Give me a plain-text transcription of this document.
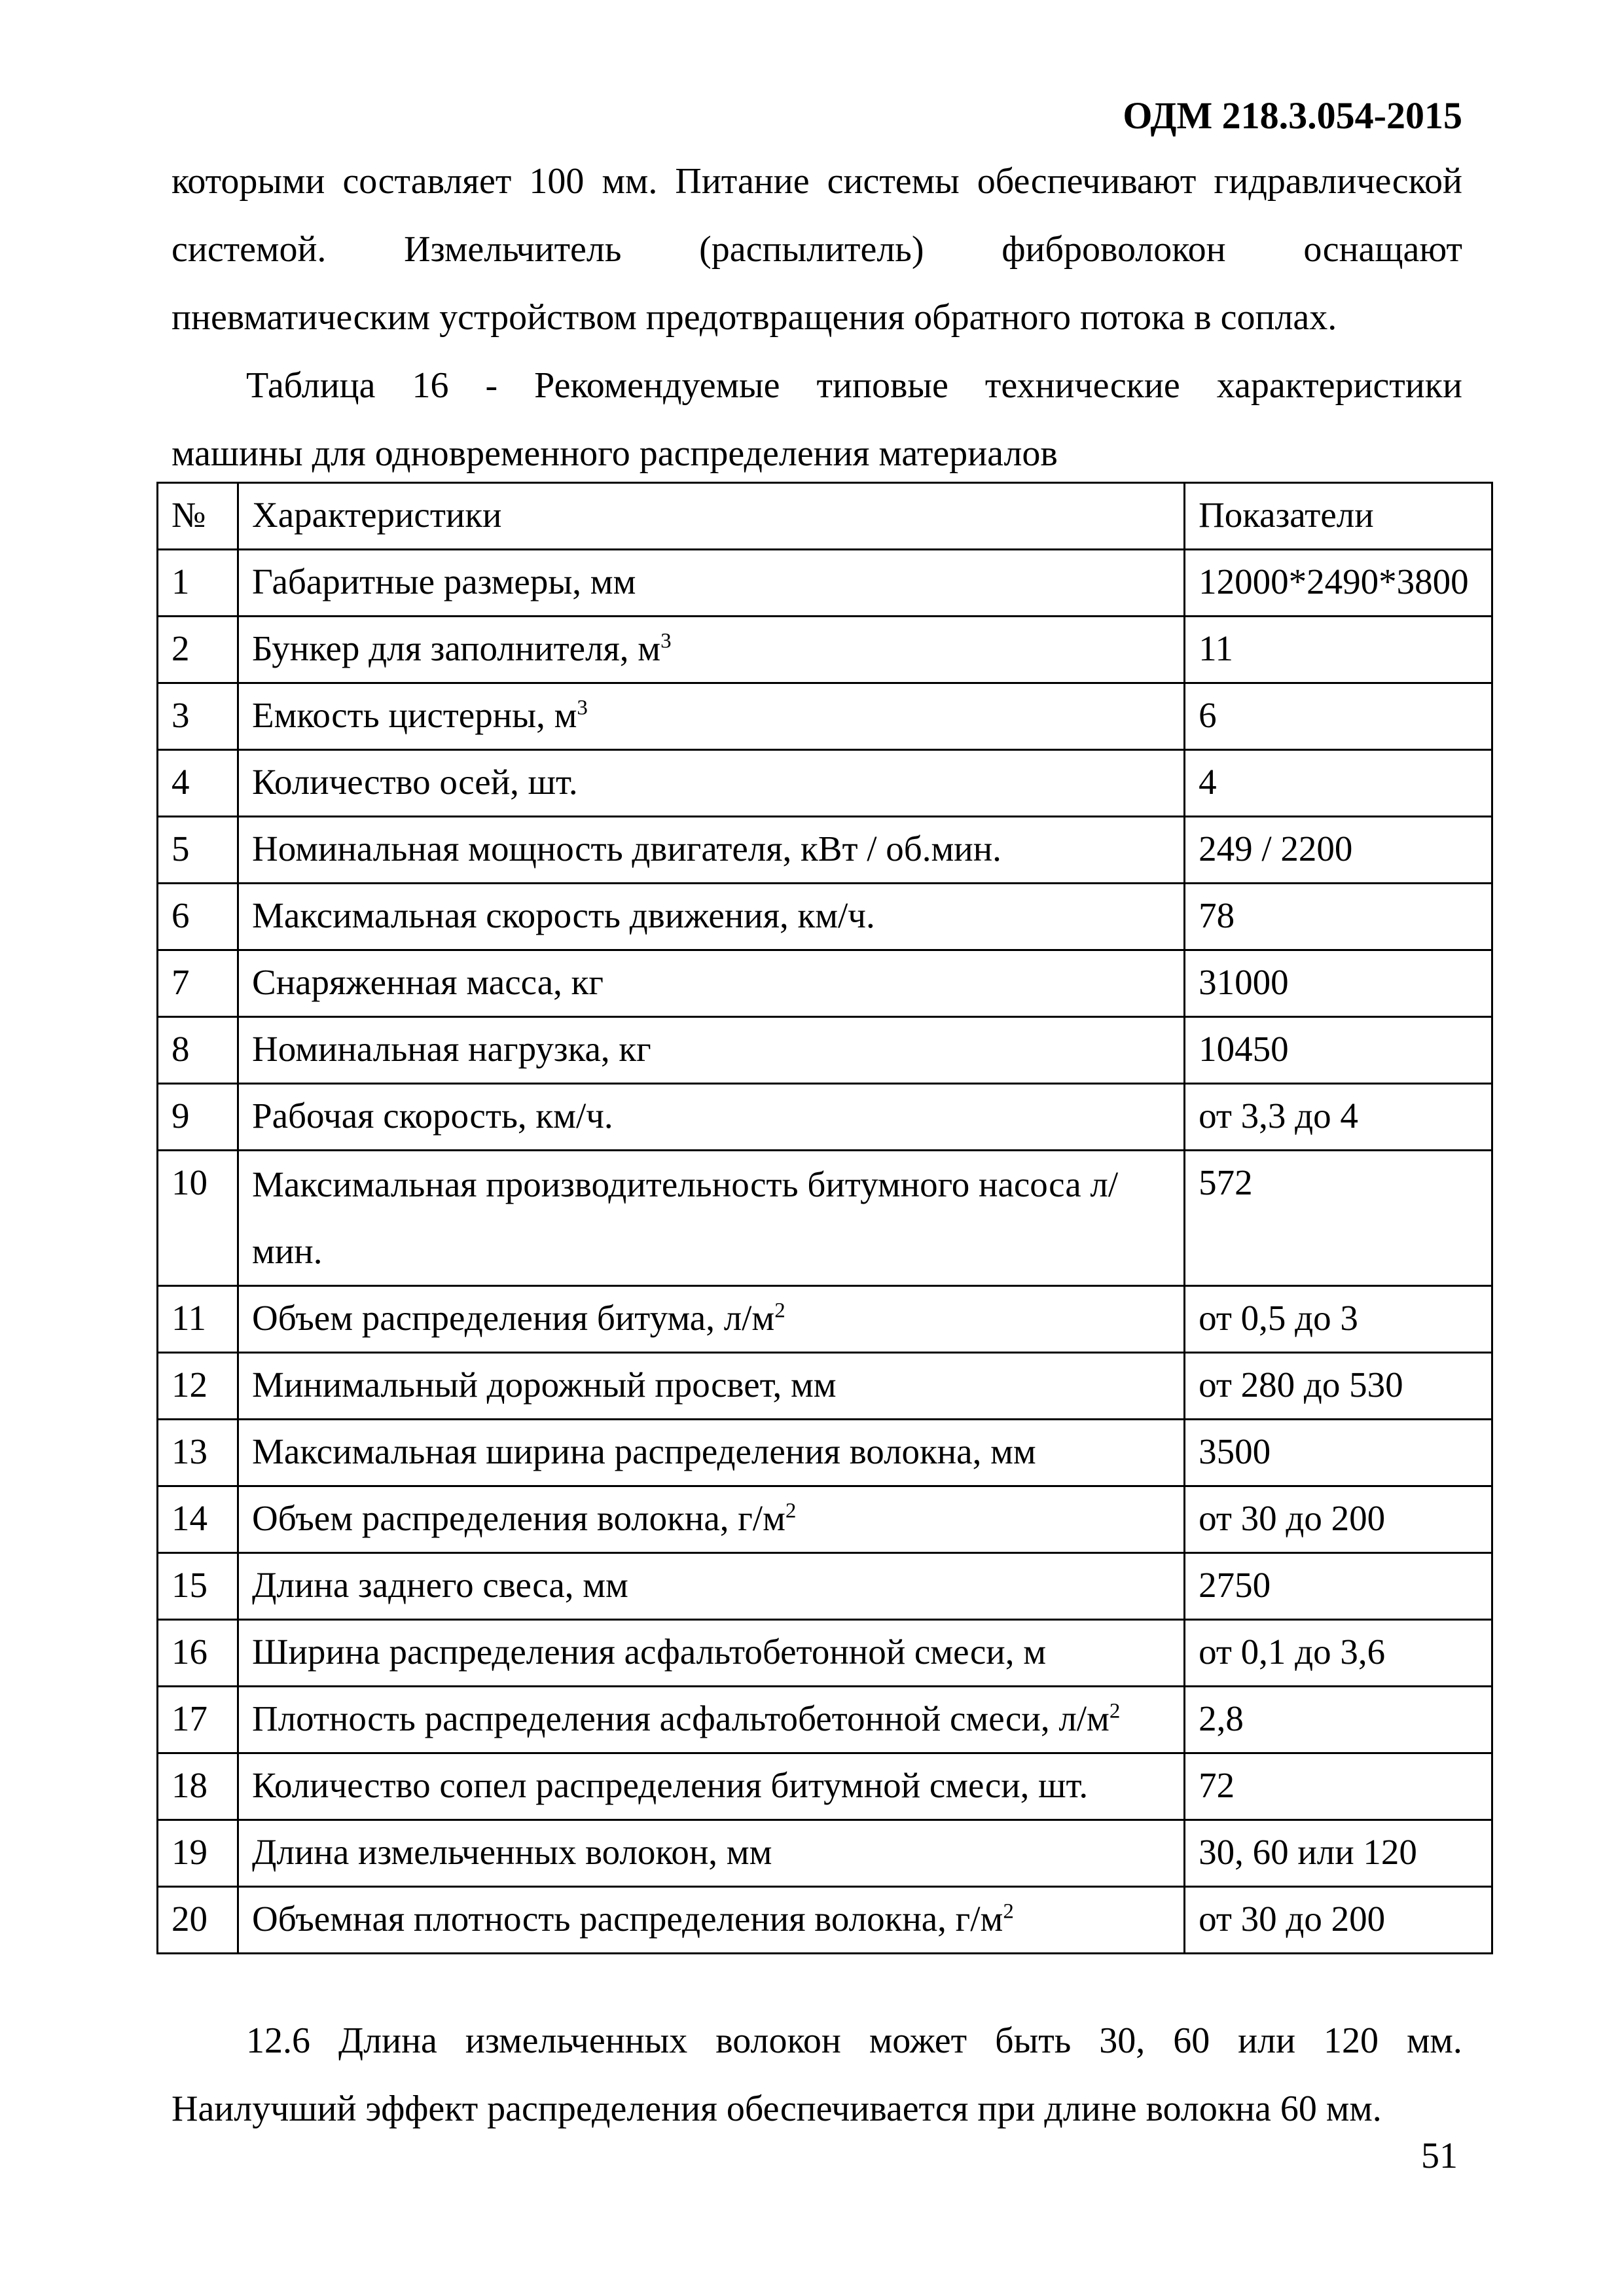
ОДМ 218.3.054-2015
которыми составляет 100 мм. Питание системы обеспечивают гидравлической
системой. Измельчитель (распылитель) фиброволокон оснащают
пневматическим устройством предотвращения обратного потока в соплах.
Таблица 16 - Рекомендуемые типовые технические характеристики
машины для одновременного распределения материалов
№	Характеристики	Показатели
1	Габаритные размеры, мм	12000*2490*3800
2	Бункер для заполнителя, $м^3$	11
3	Емкость цистерны, $м^3$	6
4	Количество осей, шт.	4
5	Номинальная мощность двигателя, кВт / об.мин.	249 / 2200
6	Максимальная скорость движения, км/ч.	78
7	Снаряженная масса, кг	31000
8	Номинальная нагрузка, кг	10450
9	Рабочая скорость, км/ч.	от 3,3 до 4
10	Максимальная производительность битумного насоса л/мин.	572
11	Объем распределения битума, $л/м^2$	от 0,5 до 3
12	Минимальный дорожный просвет, мм	от 280 до 530
13	Максимальная ширина распределения волокна, мм	3500
14	Объем распределения волокна, $г/м^2$	от 30 до 200
15	Длина заднего свеса, мм	2750
16	Ширина распределения асфальтобетонной смеси, м	от 0,1 до 3,6
17	Плотность распределения асфальтобетонной смеси, $л/м^2$	2,8
18	Количество сопел распределения битумной смеси, шт.	72
19	Длина измельченных волокон, мм	30, 60 или 120
20	Объемная плотность распределения волокна, $г/м^2$	от 30 до 200
12.6 Длина измельченных волокон может быть 30, 60 или 120 мм.
Наилучший эффект распределения обеспечивается при длине волокна 60 мм.
51
